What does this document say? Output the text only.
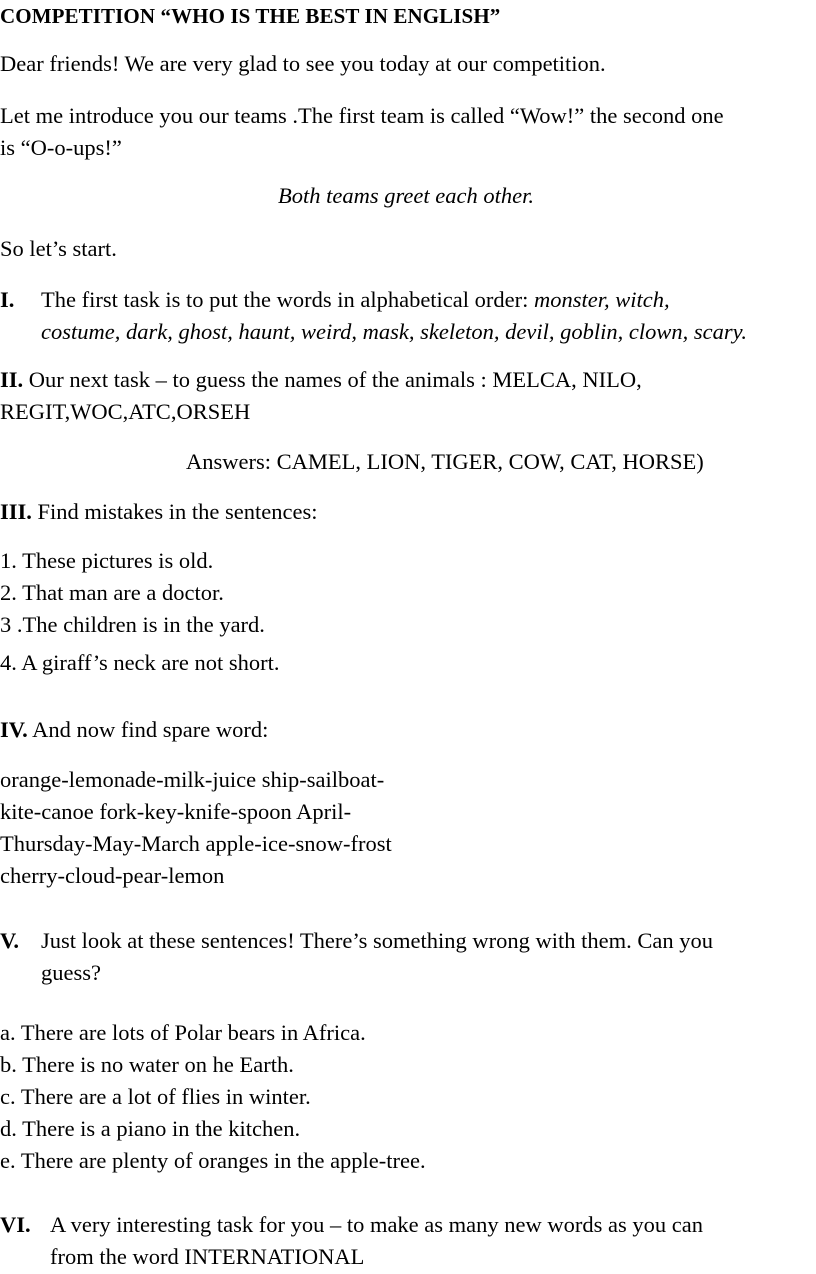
COMPETITION “WHO IS THE BEST IN ENGLISH”
Dear friends! We are very glad to see you today at our competition.
Let me introduce you our teams .The first team is called “Wow!” the second one
is “O-o-ups!”
Both teams greet each other.
So let’s start.
I. The first task is to put the words in alphabetical order: monster, witch,
costume, dark, ghost, haunt, weird, mask, skeleton, devil, goblin, clown, scary.
II. Our next task – to guess the names of the animals : MELCA, NILO,
REGIT,WOC,ATC,ORSEH
Answers: CAMEL, LION, TIGER, COW, CAT, HORSE)
III. Find mistakes in the sentences:
1. These pictures is old.
2. That man are a doctor.
3 .The children is in the yard.
4. A giraff’s neck are not short.
IV. And now find spare word:
orange-lemonade-milk-juice ship-sailboat-
kite-canoe fork-key-knife-spoon April-
Thursday-May-March apple-ice-snow-frost
cherry-cloud-pear-lemon
V. Just look at these sentences! There’s something wrong with them. Can you
guess?
a. There are lots of Polar bears in Africa.
b. There is no water on he Earth.
c. There are a lot of flies in winter.
d. There is a piano in the kitchen.
e. There are plenty of oranges in the apple-tree.
VI. A very interesting task for you – to make as many new words as you can
from the word INTERNATIONAL
